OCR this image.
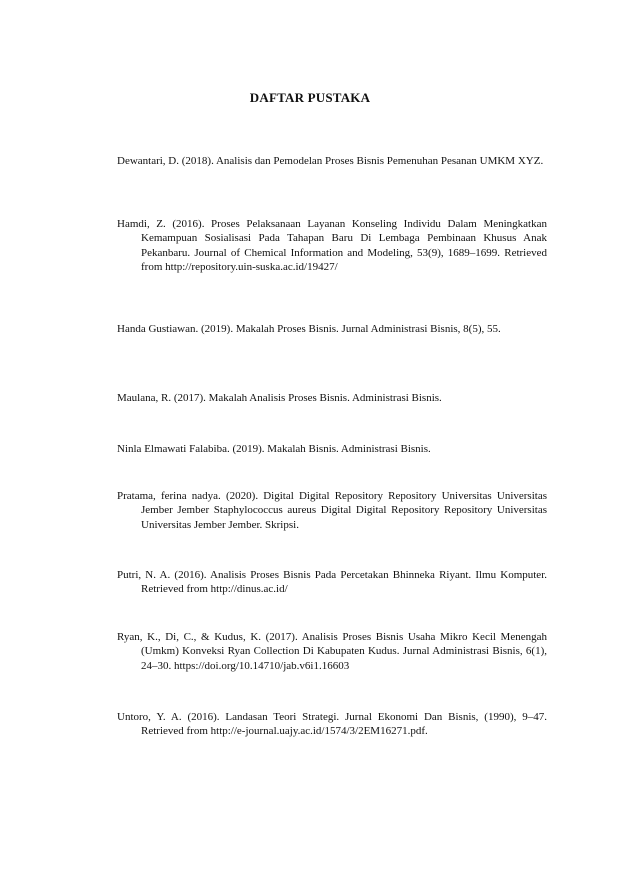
DAFTAR PUSTAKA
Dewantari, D. (2018). Analisis dan Pemodelan Proses Bisnis Pemenuhan Pesanan UMKM XYZ.
Hamdi, Z. (2016). Proses Pelaksanaan Layanan Konseling Individu Dalam Meningkatkan Kemampuan Sosialisasi Pada Tahapan Baru Di Lembaga Pembinaan Khusus Anak Pekanbaru. Journal of Chemical Information and Modeling, 53(9), 1689–1699. Retrieved from http://repository.uin-suska.ac.id/19427/
Handa Gustiawan. (2019). Makalah Proses Bisnis. Jurnal Administrasi Bisnis, 8(5), 55.
Maulana, R. (2017). Makalah Analisis Proses Bisnis. Administrasi Bisnis.
Ninla Elmawati Falabiba. (2019). Makalah Bisnis. Administrasi Bisnis.
Pratama, ferina nadya. (2020). Digital Digital Repository Repository Universitas Universitas Jember Jember Staphylococcus aureus Digital Digital Repository Repository Universitas Universitas Jember Jember. Skripsi.
Putri, N. A. (2016). Analisis Proses Bisnis Pada Percetakan Bhinneka Riyant. Ilmu Komputer. Retrieved from http://dinus.ac.id/
Ryan, K., Di, C., & Kudus, K. (2017). Analisis Proses Bisnis Usaha Mikro Kecil Menengah (Umkm) Konveksi Ryan Collection Di Kabupaten Kudus. Jurnal Administrasi Bisnis, 6(1), 24–30. https://doi.org/10.14710/jab.v6i1.16603
Untoro, Y. A. (2016). Landasan Teori Strategi. Jurnal Ekonomi Dan Bisnis, (1990), 9–47. Retrieved from http://e-journal.uajy.ac.id/1574/3/2EM16271.pdf.
